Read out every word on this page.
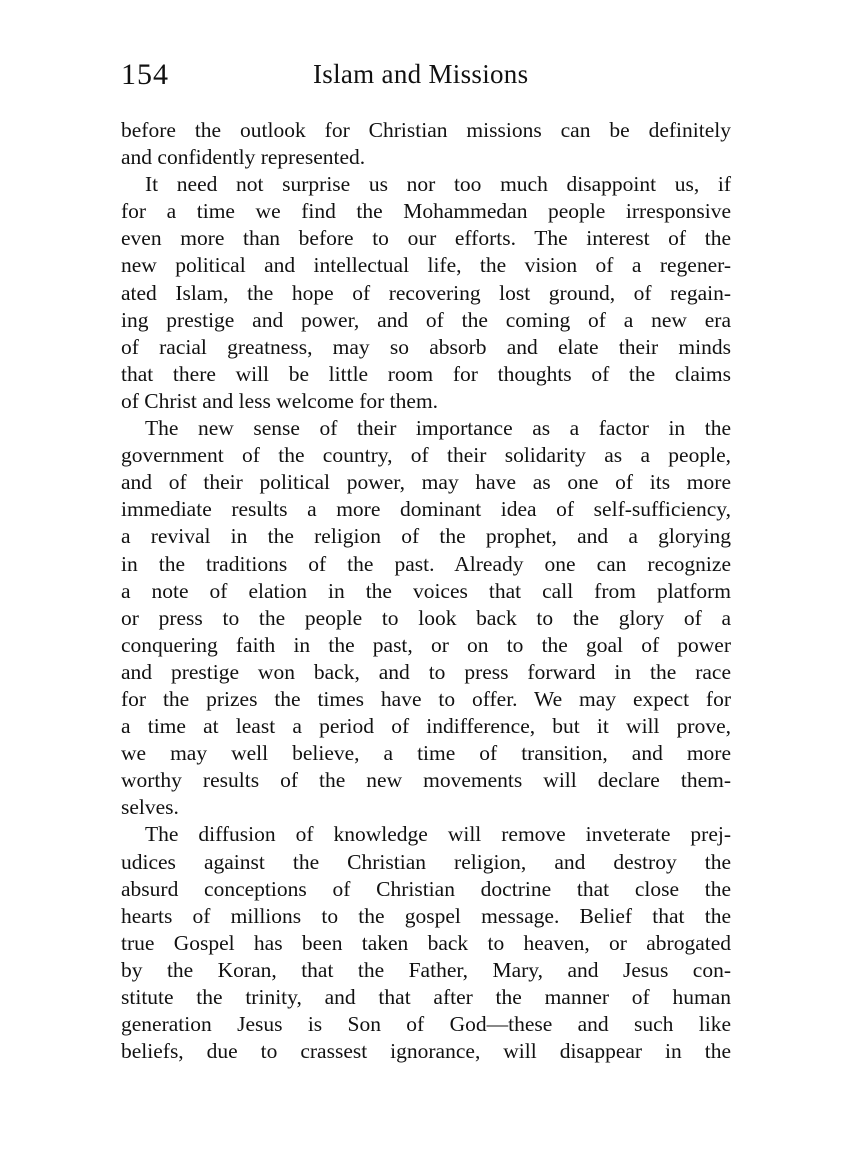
154	Islam and Missions
before the outlook for Christian missions can be definitely
and confidently represented.
It need not surprise us nor too much disappoint us, if
for a time we find the Mohammedan people irresponsive
even more than before to our efforts. The interest of the
new political and intellectual life, the vision of a regener-
ated Islam, the hope of recovering lost ground, of regain-
ing prestige and power, and of the coming of a new era
of racial greatness, may so absorb and elate their minds
that there will be little room for thoughts of the claims
of Christ and less welcome for them.
The new sense of their importance as a factor in the
government of the country, of their solidarity as a people,
and of their political power, may have as one of its more
immediate results a more dominant idea of self-sufficiency,
a revival in the religion of the prophet, and a glorying
in the traditions of the past. Already one can recognize
a note of elation in the voices that call from platform
or press to the people to look back to the glory of a
conquering faith in the past, or on to the goal of power
and prestige won back, and to press forward in the race
for the prizes the times have to offer. We may expect for
a time at least a period of indifference, but it will prove,
we may well believe, a time of transition, and more
worthy results of the new movements will declare them-
selves.
The diffusion of knowledge will remove inveterate prej-
udices against the Christian religion, and destroy the
absurd conceptions of Christian doctrine that close the
hearts of millions to the gospel message. Belief that the
true Gospel has been taken back to heaven, or abrogated
by the Koran, that the Father, Mary, and Jesus con-
stitute the trinity, and that after the manner of human
generation Jesus is Son of God—these and such like
beliefs, due to crassest ignorance, will disappear in the
